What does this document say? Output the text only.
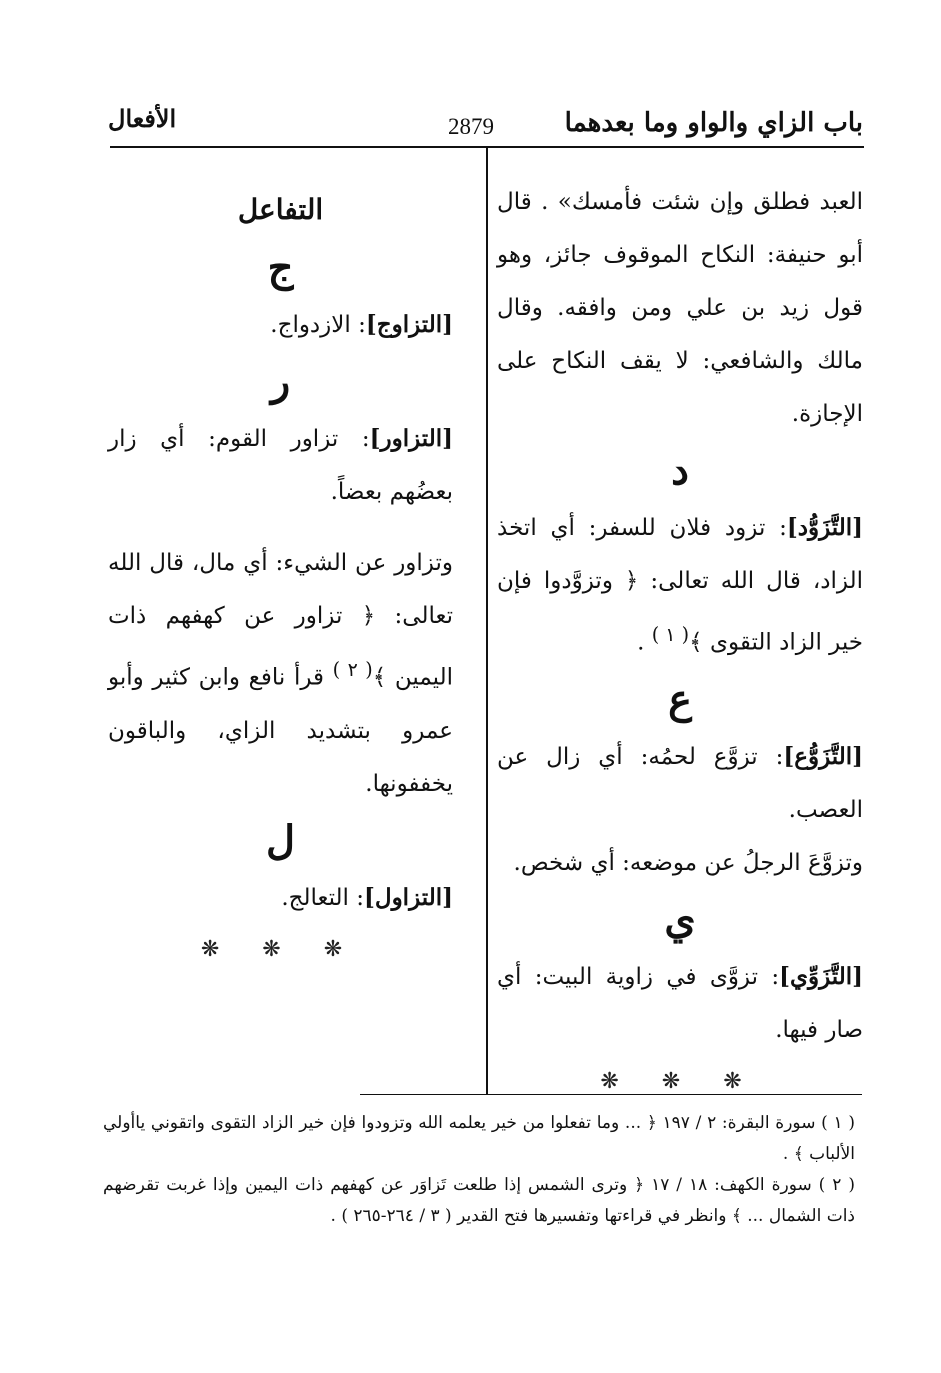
باب الزاي والواو وما بعدهما
2879
الأفعال

العبد فطلق وإن شئت فأمسك» . قال أبو حنيفة: النكاح الموقوف جائز، وهو قول زيد بن علي ومن وافقه. وقال مالك والشافعي: لا يقف النكاح على الإجازة.

د

[التَّزَوُّد]: تزود فلان للسفر: أي اتخذ الزاد، قال الله تعالى: ﴿ وتزوَّدوا فإن خير الزاد التقوى ﴾$^{( ١ )}$ .

ع

[التَّزَوُّع]: تزوَّع لحمُه: أي زال عن العصب.

وتزوَّعَ الرجلُ عن موضعه: أي شخص.

ي

[التَّزَوِّي]: تزوَّى في زاوية البيت: أي صار فيها.

❋ ❋ ❋

التفاعل

ج

[التزاوج]: الازدواج.

ر

[التزاور]: تزاور القوم: أي زار بعضُهم بعضاً.

وتزاور عن الشيء: أي مال، قال الله تعالى: ﴿ تزاور عن كهفهم ذات اليمين ﴾$^{( ٢ )}$ قرأ نافع وابن كثير وأبو عمرو بتشديد الزاي، والباقون يخففونها.

ل

[التزاول]: التعالج.

❋ ❋ ❋

( ١ ) سورة البقرة: ٢ / ١٩٧ ﴿ ... وما تفعلوا من خير يعلمه الله وتزودوا فإن خير الزاد التقوى واتقوني ياأولي الألباب ﴾ .

( ٢ ) سورة الكهف: ١٨ / ١٧ ﴿ وترى الشمس إذا طلعت تَزاوَر عن كهفهم ذات اليمين وإذا غربت تقرضهم ذات الشمال ... ﴾ وانظر في قراءتها وتفسيرها فتح القدير ( ٣ / ٢٦٤-٢٦٥ ) .
